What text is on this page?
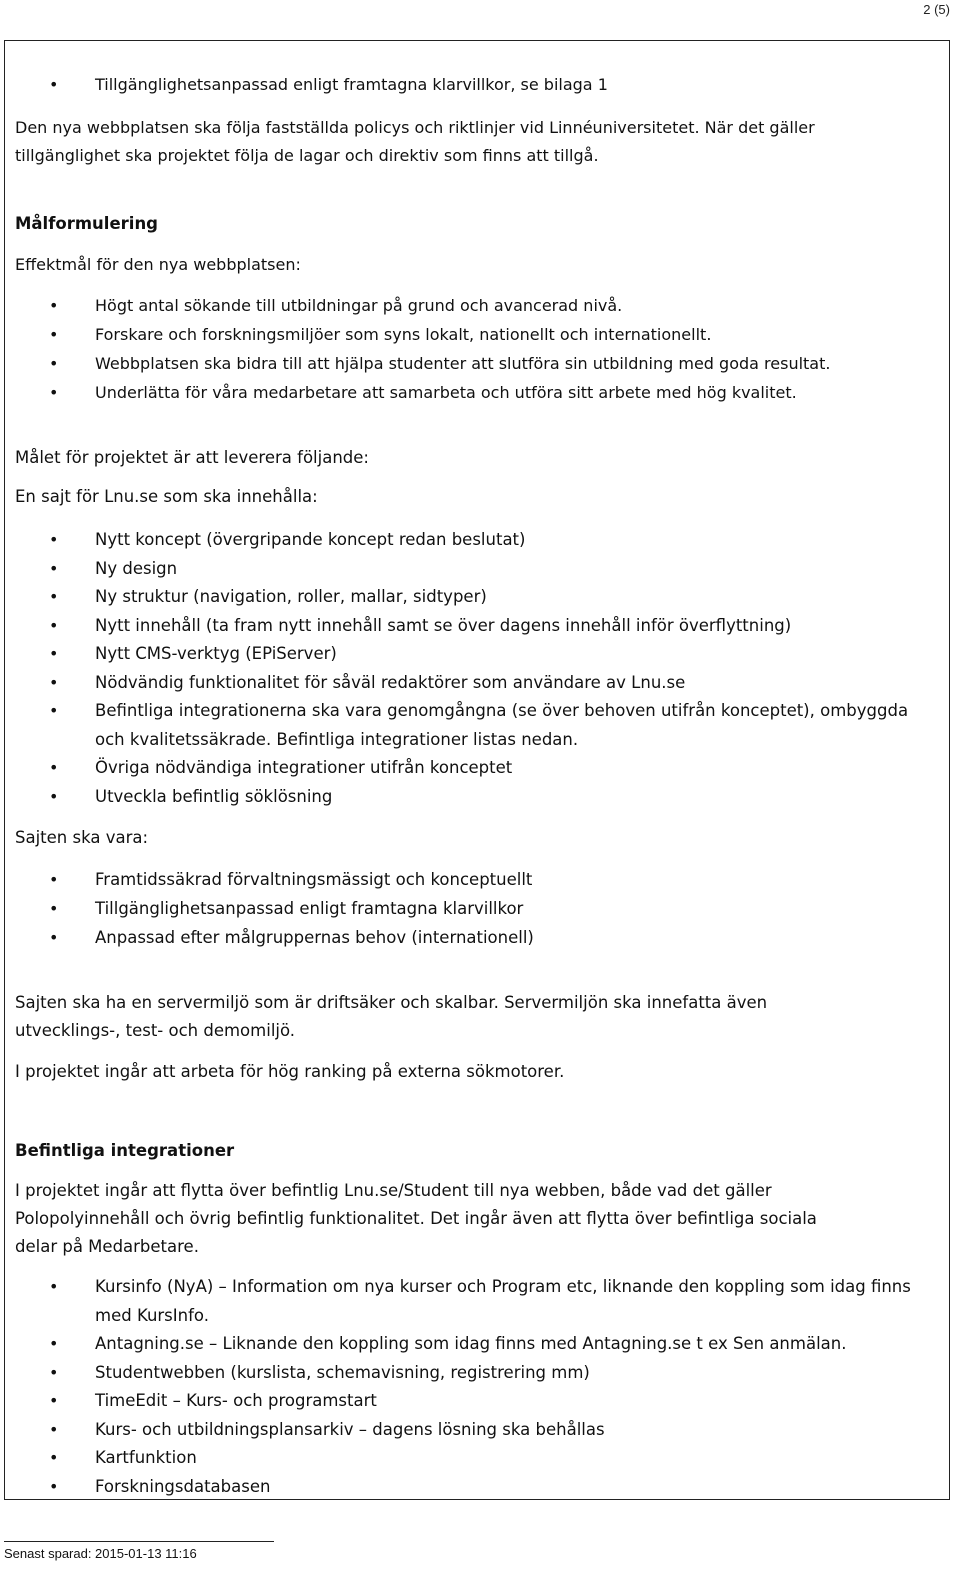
2 (5)
• Tillgänglighetsanpassad enligt framtagna klarvillkor, se bilaga 1

Den nya webbplatsen ska följa fastställda policys och riktlinjer vid Linnéuniversitetet. När det gäller

tillgänglighet ska projektet följa de lagar och direktiv som finns att tillgå.

Målformulering

Effektmål för den nya webbplatsen:

• Högt antal sökande till utbildningar på grund och avancerad nivå.
• Forskare och forskningsmiljöer som syns lokalt, nationellt och internationellt.
• Webbplatsen ska bidra till att hjälpa studenter att slutföra sin utbildning med goda resultat.
• Underlätta för våra medarbetare att samarbeta och utföra sitt arbete med hög kvalitet.

Målet för projektet är att leverera följande:

En sajt för Lnu.se som ska innehålla:

• Nytt koncept (övergripande koncept redan beslutat)
• Ny design
• Ny struktur (navigation, roller, mallar, sidtyper)
• Nytt innehåll (ta fram nytt innehåll samt se över dagens innehåll inför överflyttning)
• Nytt CMS-verktyg (EPiServer)
• Nödvändig funktionalitet för såväl redaktörer som användare av Lnu.se
• Befintliga integrationerna ska vara genomgångna (se över behoven utifrån konceptet), ombyggda och kvalitetssäkrade. Befintliga integrationer listas nedan.
• Övriga nödvändiga integrationer utifrån konceptet
• Utveckla befintlig söklösning

Sajten ska vara:

• Framtidssäkrad förvaltningsmässigt och konceptuellt
• Tillgänglighetsanpassad enligt framtagna klarvillkor
• Anpassad efter målgruppernas behov (internationell)

Sajten ska ha en servermiljö som är driftsäker och skalbar. Servermiljön ska innefatta även

utvecklings-, test- och demomiljö.

I projektet ingår att arbeta för hög ranking på externa sökmotorer.

Befintliga integrationer

I projektet ingår att flytta över befintlig Lnu.se/Student till nya webben, både vad det gäller

Polopolyinnehåll och övrig befintlig funktionalitet. Det ingår även att flytta över befintliga sociala

delar på Medarbetare.

• Kursinfo (NyA) – Information om nya kurser och Program etc, liknande den koppling som idag finns med KursInfo.
• Antagning.se – Liknande den koppling som idag finns med Antagning.se t ex Sen anmälan.
• Studentwebben (kurslista, schemavisning, registrering mm)
• TimeEdit – Kurs- och programstart
• Kurs- och utbildningsplansarkiv – dagens lösning ska behållas
• Kartfunktion
• Forskningsdatabasen
Senast sparad: 2015-01-13 11:16
